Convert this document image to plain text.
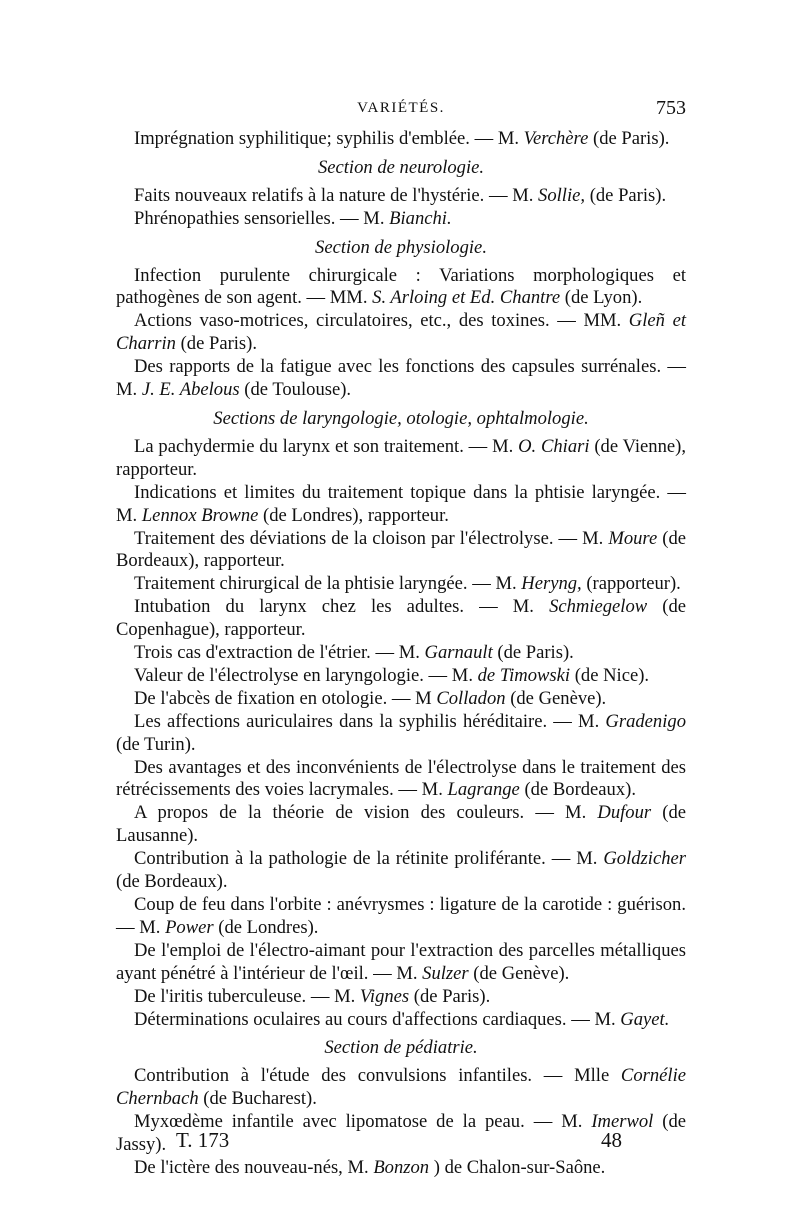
VARIÉTÉS.	753

Imprégnation syphilitique; syphilis d'emblée. — M. Verchère (de Paris).

Section de neurologie.

Faits nouveaux relatifs à la nature de l'hystérie. — M. Sollie, (de Paris).

Phrénopathies sensorielles. — M. Bianchi.

Section de physiologie.

Infection purulente chirurgicale : Variations morphologiques et pathogènes de son agent. — MM. S. Arloing et Ed. Chantre (de Lyon).

Actions vaso-motrices, circulatoires, etc., des toxines. — MM. Gleñ et Charrin (de Paris).

Des rapports de la fatigue avec les fonctions des capsules surrénales. — M. J. E. Abelous (de Toulouse).

Sections de laryngologie, otologie, ophtalmologie.

La pachydermie du larynx et son traitement. — M. O. Chiari (de Vienne), rapporteur.

Indications et limites du traitement topique dans la phtisie laryngée. — M. Lennox Browne (de Londres), rapporteur.

Traitement des déviations de la cloison par l'électrolyse. — M. Moure (de Bordeaux), rapporteur.

Traitement chirurgical de la phtisie laryngée. — M. Heryng, (rapporteur).

Intubation du larynx chez les adultes. — M. Schmiegelow (de Copenhague), rapporteur.

Trois cas d'extraction de l'étrier. — M. Garnault (de Paris).

Valeur de l'électrolyse en laryngologie. — M. de Timowski (de Nice).

De l'abcès de fixation en otologie. — M Colladon (de Genève).

Les affections auriculaires dans la syphilis héréditaire. — M. Gradenigo (de Turin).

Des avantages et des inconvénients de l'électrolyse dans le traitement des rétrécissements des voies lacrymales. — M. Lagrange (de Bordeaux).

A propos de la théorie de vision des couleurs. — M. Dufour (de Lausanne).

Contribution à la pathologie de la rétinite proliférante. — M. Goldzicher (de Bordeaux).

Coup de feu dans l'orbite : anévrysmes : ligature de la carotide : guérison. — M. Power (de Londres).

De l'emploi de l'électro-aimant pour l'extraction des parcelles métalliques ayant pénétré à l'intérieur de l'œil. — M. Sulzer (de Genève).

De l'iritis tuberculeuse. — M. Vignes (de Paris).

Déterminations oculaires au cours d'affections cardiaques. — M. Gayet.

Section de pédiatrie.

Contribution à l'étude des convulsions infantiles. — Mlle Cornélie Chernbach (de Bucharest).

Myxœdème infantile avec lipomatose de la peau. — M. Imerwol (de Jassy).

De l'ictère des nouveau-nés, M. Bonzon ) de Chalon-sur-Saône.

T. 173	48
